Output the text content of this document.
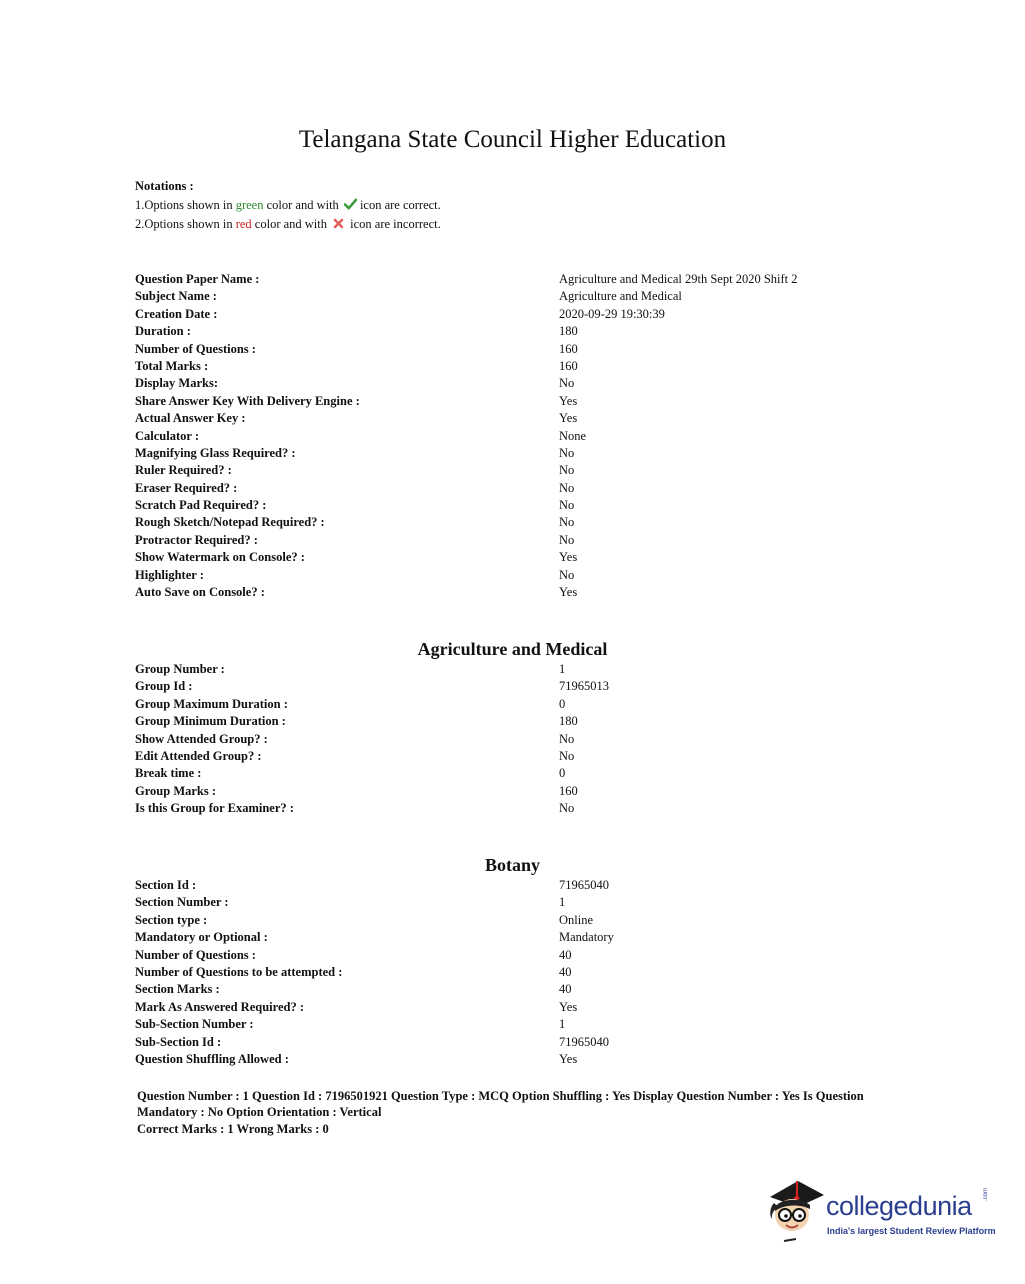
Telangana State Council Higher Education
Notations :
1.Options shown in green color and with icon are correct.
2.Options shown in red color and with icon are incorrect.
Question Paper Name :	Agriculture and Medical 29th Sept 2020 Shift 2
Subject Name :	Agriculture and Medical
Creation Date :	2020-09-29 19:30:39
Duration :	180
Number of Questions :	160
Total Marks :	160
Display Marks:	No
Share Answer Key With Delivery Engine :	Yes
Actual Answer Key :	Yes
Calculator :	None
Magnifying Glass Required? :	No
Ruler Required? :	No
Eraser Required? :	No
Scratch Pad Required? :	No
Rough Sketch/Notepad Required? :	No
Protractor Required? :	No
Show Watermark on Console? :	Yes
Highlighter :	No
Auto Save on Console? :	Yes
Agriculture and Medical
Group Number :	1
Group Id :	71965013
Group Maximum Duration :	0
Group Minimum Duration :	180
Show Attended Group? :	No
Edit Attended Group? :	No
Break time :	0
Group Marks :	160
Is this Group for Examiner? :	No
Botany
Section Id :	71965040
Section Number :	1
Section type :	Online
Mandatory or Optional :	Mandatory
Number of Questions :	40
Number of Questions to be attempted :	40
Section Marks :	40
Mark As Answered Required? :	Yes
Sub-Section Number :	1
Sub-Section Id :	71965040
Question Shuffling Allowed :	Yes
Question Number : 1 Question Id : 7196501921 Question Type : MCQ Option Shuffling : Yes Display Question Number : Yes Is Question
Mandatory : No Option Orientation : Vertical
Correct Marks : 1 Wrong Marks : 0
collegedunia .com
India's largest Student Review Platform
